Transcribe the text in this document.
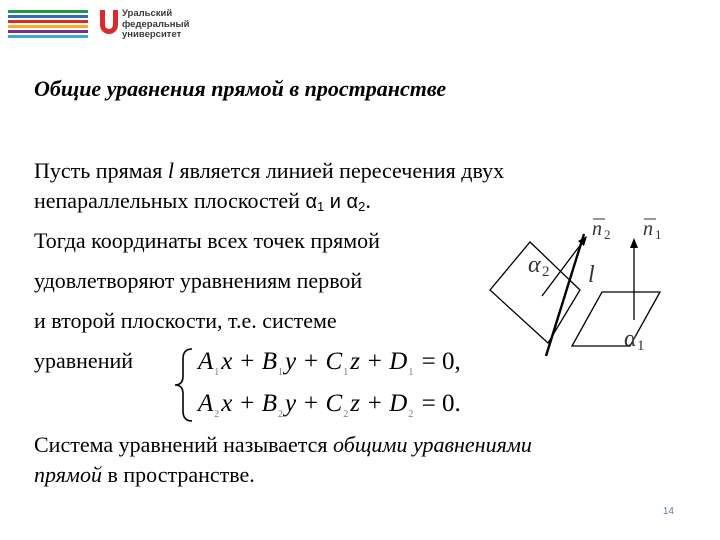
Уральский
федеральный
университет
Общие уравнения прямой в пространстве
Пусть прямая l является линией пересечения двух
непараллельных плоскостей $\alpha_1$ и $\alpha_2$.
Тогда координаты всех точек прямой
удовлетворяют уравнениям первой
и второй плоскости, т.е. системе
уравнений	$A_1x + B_1y + C_1z + D_1 = 0$,
$A_2x + B_2y + C_2z + D_2 = 0$.
n 2 n 1
α 2 l
α 1
Система уравнений называется общими уравнениями
прямой в пространстве.
14
